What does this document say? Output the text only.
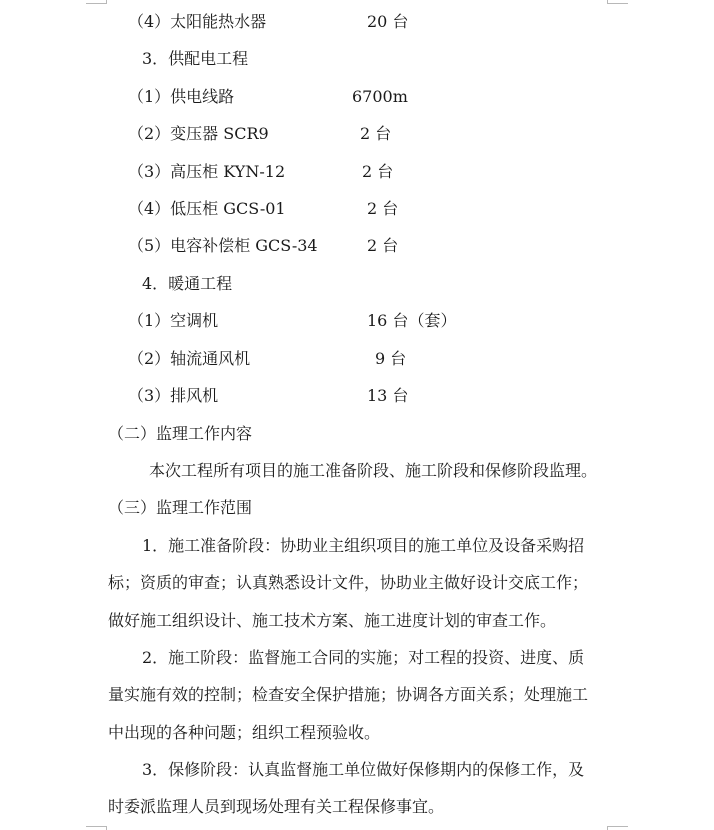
（4）太阳能热水器	20 台
3．供配电工程
（1）供电线路	6700m
（2）变压器 SCR9	2 台
（3）高压柜 KYN-12	2 台
（4）低压柜 GCS-01	2 台
（5）电容补偿柜 GCS-34	2 台
4．暖通工程
（1）空调机	16 台（套）
（2）轴流通风机	9 台
（3）排风机	13 台
（二）监理工作内容
本次工程所有项目的施工准备阶段、施工阶段和保修阶段监理。
（三）监理工作范围
1．施工准备阶段：协助业主组织项目的施工单位及设备采购招
标；资质的审查；认真熟悉设计文件，协助业主做好设计交底工作；
做好施工组织设计、施工技术方案、施工进度计划的审查工作。
2．施工阶段：监督施工合同的实施；对工程的投资、进度、质
量实施有效的控制；检查安全保护措施；协调各方面关系；处理施工
中出现的各种问题；组织工程预验收。
3．保修阶段：认真监督施工单位做好保修期内的保修工作，及
时委派监理人员到现场处理有关工程保修事宜。
